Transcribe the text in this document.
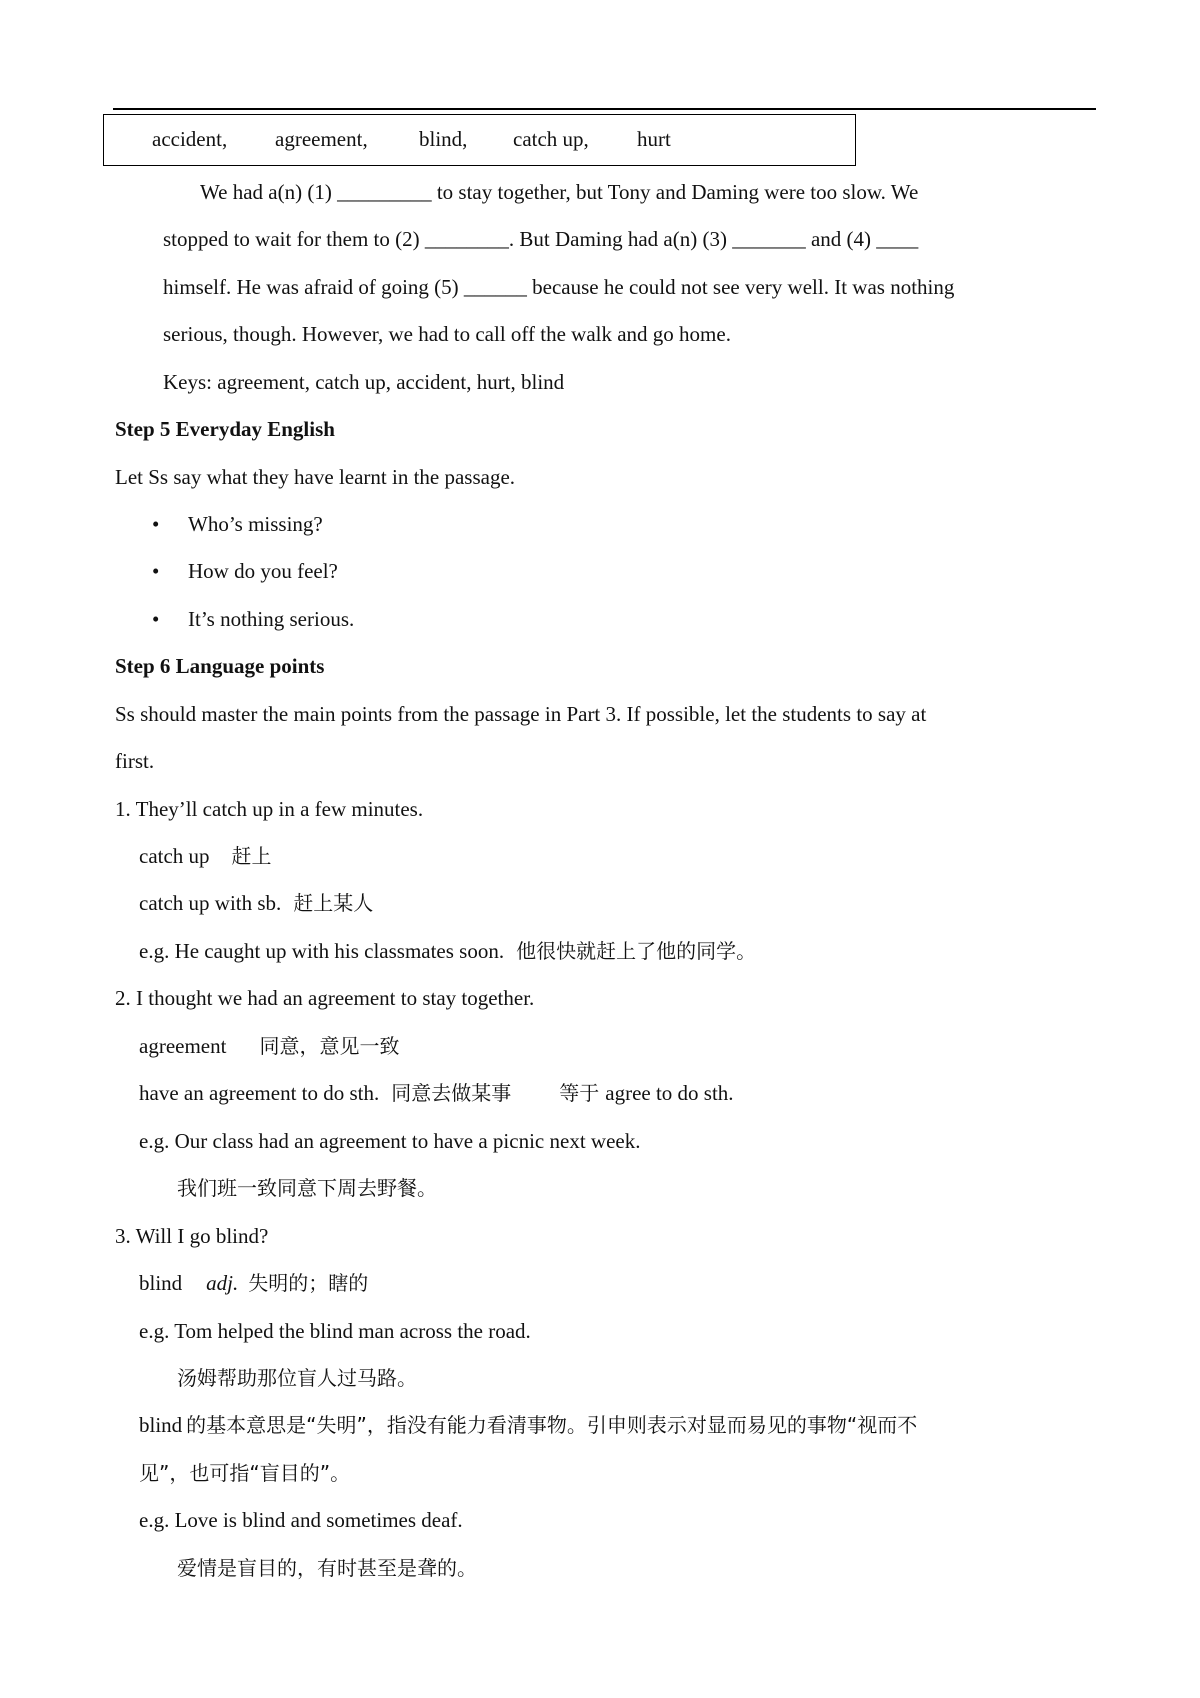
accident, agreement, blind, catch up, hurt
We had a(n) (1) _________ to stay together, but Tony and Daming were too slow. We
stopped to wait for them to (2) ________. But Daming had a(n) (3) _______ and (4) ____
himself. He was afraid of going (5) ______ because he could not see very well. It was nothing
serious, though. However, we had to call off the walk and go home.
Keys: agreement, catch up, accident, hurt, blind
Step 5 Everyday English
Let Ss say what they have learnt in the passage.
• Who’s missing?
• How do you feel?
• It’s nothing serious.
Step 6 Language points
Ss should master the main points from the passage in Part 3. If possible, let the students to say at
first.
1. They’ll catch up in a few minutes.
catch up 赶上
catch up with sb. 赶上某人
e.g. He caught up with his classmates soon. 他很快就赶上了他的同学。
2. I thought we had an agreement to stay together.
agreement 同意，意见一致
have an agreement to do sth. 同意去做某事 等于 agree to do sth.
e.g. Our class had an agreement to have a picnic next week.
我们班一致同意下周去野餐。
3. Will I go blind?
blind adj. 失明的；瞎的
e.g. Tom helped the blind man across the road.
汤姆帮助那位盲人过马路。
blind 的基本意思是“失明”，指没有能力看清事物。引申则表示对显而易见的事物“视而不
见”，也可指“盲目的”。
e.g. Love is blind and sometimes deaf.
爱情是盲目的，有时甚至是聋的。
